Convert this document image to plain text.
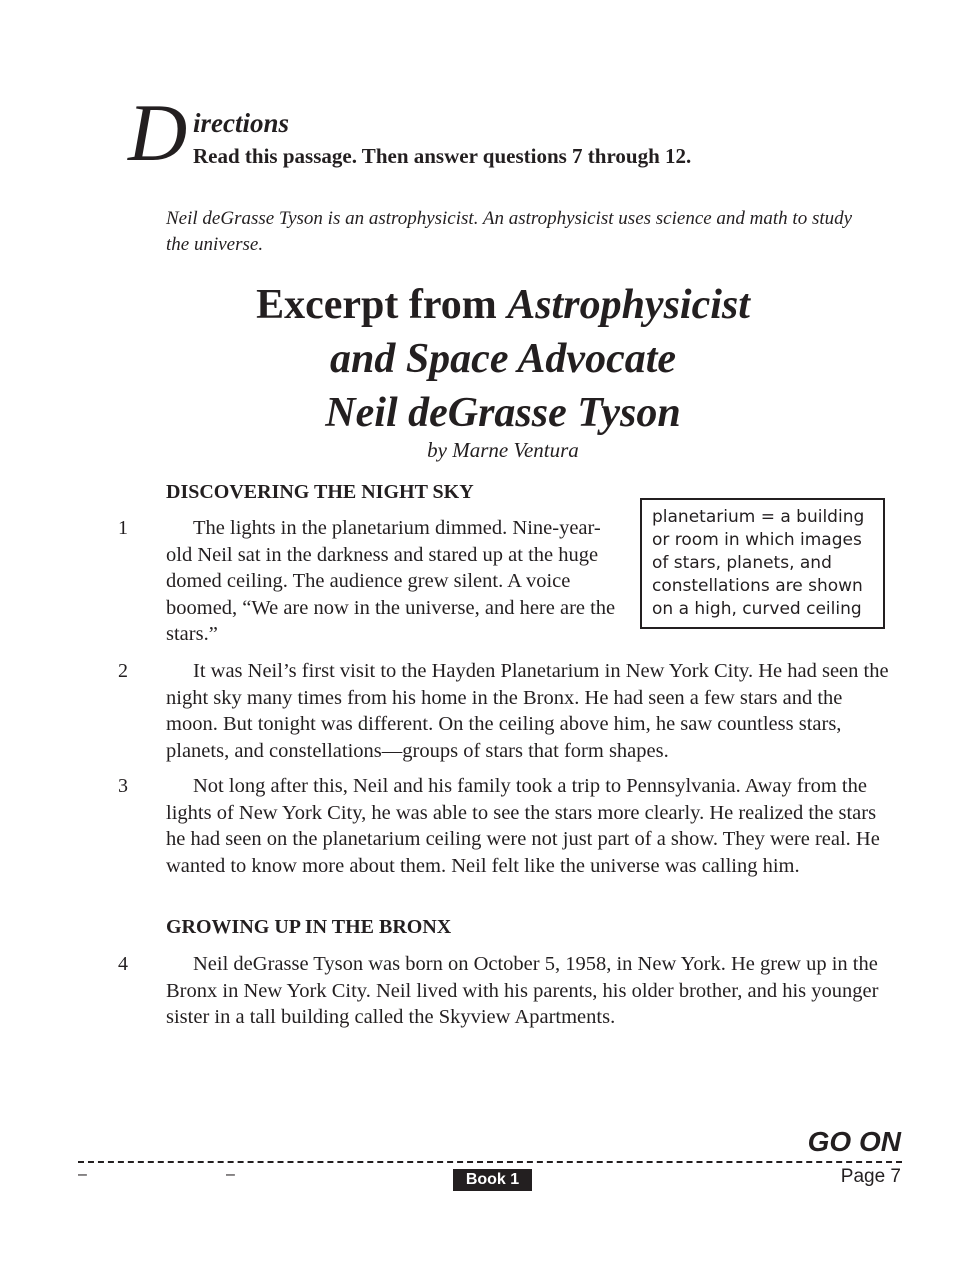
D irections
Read this passage. Then answer questions 7 through 12.
Neil deGrasse Tyson is an astrophysicist. An astrophysicist uses science and math to study the universe.
Excerpt from Astrophysicist
and Space Advocate
Neil deGrasse Tyson
by Marne Ventura
DISCOVERING THE NIGHT SKY
1	The lights in the planetarium dimmed. Nine-year-old Neil sat in the darkness and stared up at the huge domed ceiling. The audience grew silent. A voice boomed, “We are now in the universe, and here are the stars.”

planetarium = a building or room in which images of stars, planets, and constellations are shown on a high, curved ceiling
2	It was Neil’s first visit to the Hayden Planetarium in New York City. He had seen the night sky many times from his home in the Bronx. He had seen a few stars and the moon. But tonight was different. On the ceiling above him, he saw countless stars, planets, and constellations—groups of stars that form shapes.

3	Not long after this, Neil and his family took a trip to Pennsylvania. Away from the lights of New York City, he was able to see the stars more clearly. He realized the stars he had seen on the planetarium ceiling were not just part of a show. They were real. He wanted to know more about them. Neil felt like the universe was calling him.

GROWING UP IN THE BRONX
4	Neil deGrasse Tyson was born on October 5, 1958, in New York. He grew up in the Bronx in New York City. Neil lived with his parents, his older brother, and his younger sister in a tall building called the Skyview Apartments.

GO ON
–	–	Book 1	Page 7
